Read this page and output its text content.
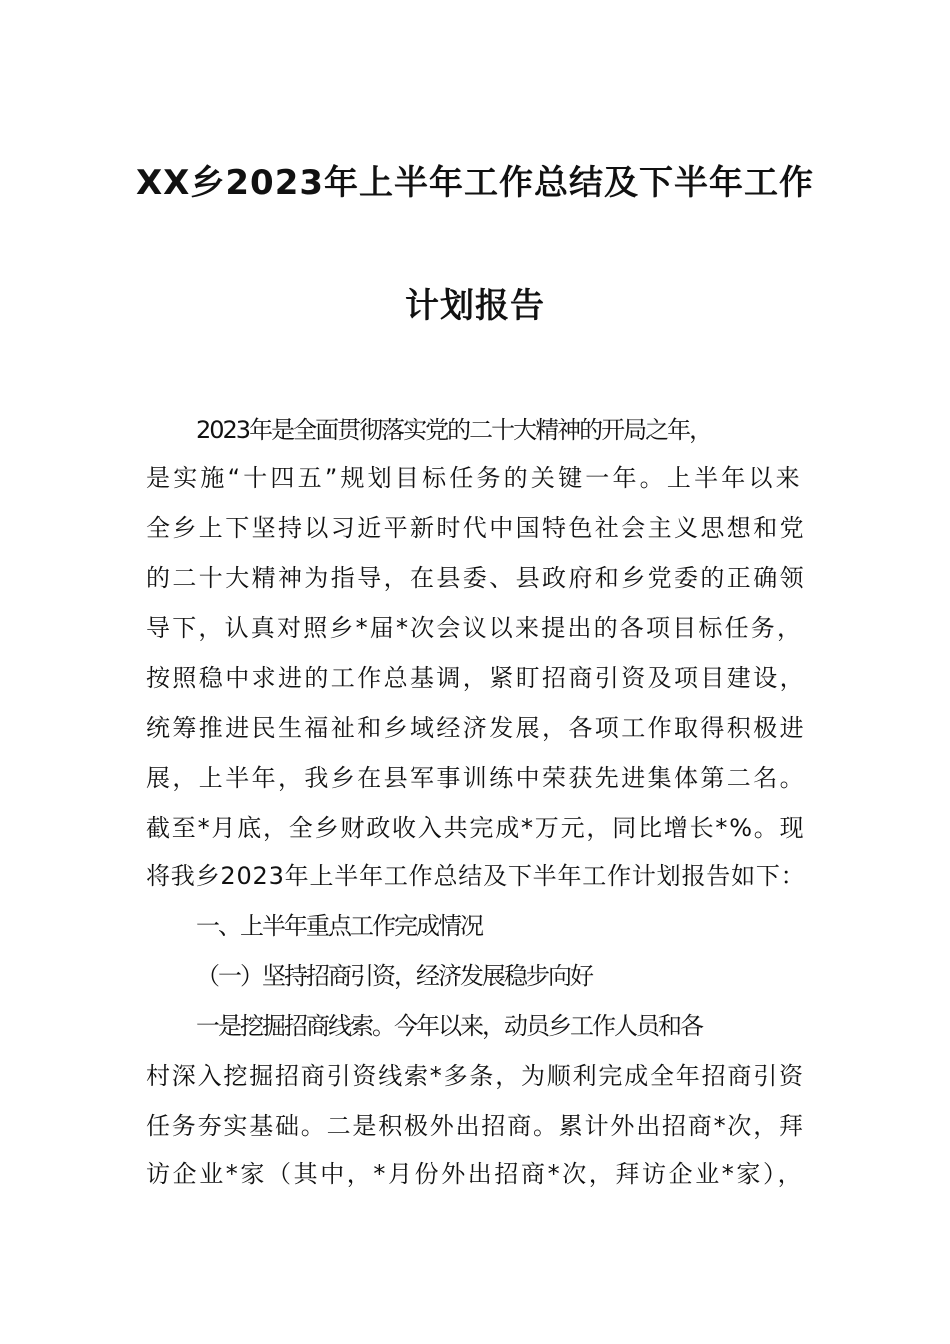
XX乡2023年上半年工作总结及下半年工作
计划报告
2023年是全面贯彻落实党的二十大精神的开局之年，
是实施“十四五”规划目标任务的关键一年。上半年以来
全乡上下坚持以习近平新时代中国特色社会主义思想和党
的二十大精神为指导，在县委、县政府和乡党委的正确领
导下，认真对照乡*届*次会议以来提出的各项目标任务，
按照稳中求进的工作总基调，紧盯招商引资及项目建设，
统筹推进民生福祉和乡域经济发展，各项工作取得积极进
展，上半年，我乡在县军事训练中荣获先进集体第二名。
截至*月底，全乡财政收入共完成*万元，同比增长*%。现
将我乡2023年上半年工作总结及下半年工作计划报告如下：
一、上半年重点工作完成情况
（一）坚持招商引资，经济发展稳步向好
一是挖掘招商线索。今年以来，动员乡工作人员和各
村深入挖掘招商引资线索*多条，为顺利完成全年招商引资
任务夯实基础。二是积极外出招商。累计外出招商*次，拜
访企业*家（其中，*月份外出招商*次，拜访企业*家），
